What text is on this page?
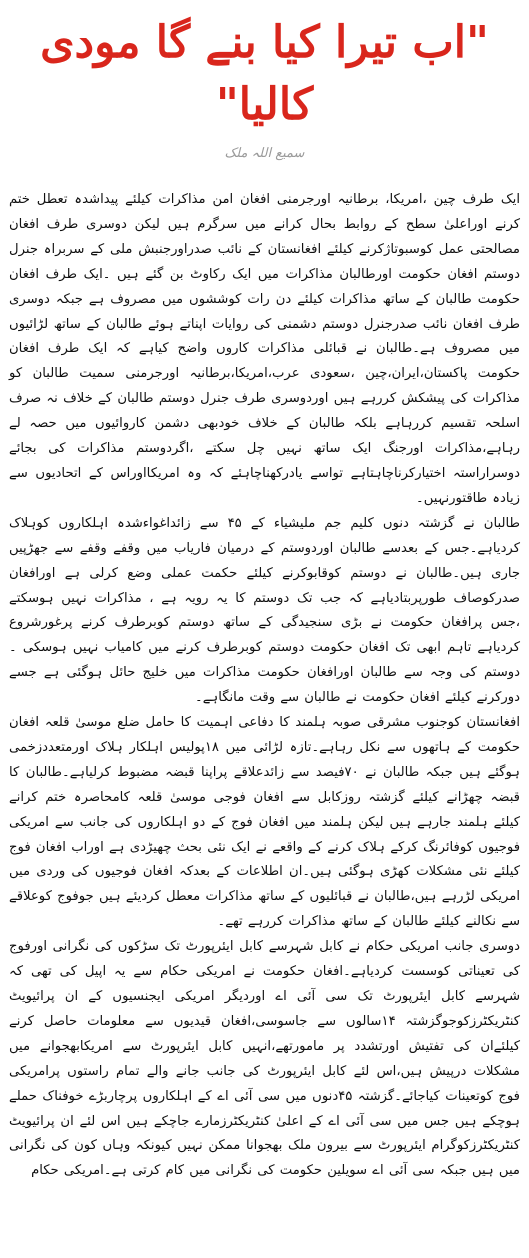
"اب تیرا کیا بنے گا مودی کالیا"
سمیع اللہ ملک

ایک طرف چین ،امریکا، برطانیہ اورجرمنی افغان امن مذاکرات کیلئے پیداشدہ تعطل ختم کرنے اوراعلیٰ سطح کے روابط بحال کرانے میں سرگرم ہیں لیکن دوسری طرف افغان مصالحتی عمل کوسبوتاژکرنے کیلئے افغانستان کے نائب صدراورجنبش ملی کے سربراہ جنرل دوستم افغان حکومت اورطالبان مذاکرات میں ایک رکاوٹ بن گئے ہیں ۔ایک طرف افغان حکومت طالبان کے ساتھ مذاکرات کیلئے دن رات کوششوں میں مصروف ہے جبکہ دوسری طرف افغان نائب صدرجنرل دوستم دشمنی کی روایات اپناتے ہوئے طالبان کے ساتھ لڑائیوں میں مصروف ہے۔طالبان نے قبائلی مذاکرات کاروں واضح کیاہے کہ ایک طرف افغان حکومت پاکستان،ایران،چین ،سعودی عرب،امریکا،برطانیہ اورجرمنی سمیت طالبان کو مذاکرات کی پیشکش کررہے ہیں اوردوسری طرف جنرل دوستم طالبان کے خلاف نہ صرف اسلحہ تقسیم کررہاہے بلکہ طالبان کے خلاف خودبھی دشمن کاروائیوں میں حصہ لے رہاہے،مذاکرات اورجنگ ایک ساتھ نہیں چل سکتے ،اگردوستم مذاکرات کی بجائے دوسراراستہ اختیارکرناچاہتاہے تواسے یادرکھناچاہئے کہ وہ امریکااوراس کے اتحادیوں سے زیادہ طاقتورنہیں۔

طالبان نے گزشتہ دنوں کلیم جم ملیشیاء کے ۴۵ سے زائداغواءشدہ اہلکاروں کوہلاک کردیاہے۔جس کے بعدسے طالبان اوردوستم کے درمیان فاریاب میں وقفے وقفے سے جھڑپیں جاری ہیں۔طالبان نے دوستم کوقابوکرنے کیلئے حکمت عملی وضع کرلی ہے اورافغان صدرکوصاف طورپربتادیاہے کہ جب تک دوستم کا یہ رویہ ہے ، مذاکرات نہیں ہوسکتے ،جس پرافغان حکومت نے بڑی سنجیدگی کے ساتھ دوستم کوبرطرف کرنے پرغورشروع کردیاہے تاہم ابھی تک افغان حکومت دوستم کوبرطرف کرنے میں کامیاب نہیں ہوسکی ۔دوستم کی وجہ سے طالبان اورافغان حکومت مذاکرات میں خلیج حائل ہوگئی ہے جسے دورکرنے کیلئے افغان حکومت نے طالبان سے وقت مانگاہے۔

افغانستان کوجنوب مشرقی صوبہ ہلمند کا دفاعی اہمیت کا حامل ضلع موسیٰ قلعہ افغان حکومت کے ہاتھوں سے نکل رہاہے۔تازہ لڑائی میں ۱۸پولیس اہلکار ہلاک اورمتعددزخمی ہوگئے ہیں جبکہ طالبان نے ۷۰فیصد سے زائدعلاقے پراپنا قبضہ مضبوط کرلیاہے۔طالبان کا قبضہ چھڑانے کیلئے گزشتہ روزکابل سے افغان فوجی موسیٰ قلعہ کامحاصرہ ختم کرانے کیلئے ہلمند جارہے ہیں لیکن ہلمند میں افغان فوج کے دو اہلکاروں کی جانب سے امریکی فوجیوں کوفائرنگ کرکے ہلاک کرنے کے واقعے نے ایک نئی بحث چھیڑدی ہے اوراب افغان فوج کیلئے نئی مشکلات کھڑی ہوگئی ہیں۔ان اطلاعات کے بعدکہ افغان فوجیوں کی وردی میں امریکی لڑرہے ہیں،طالبان نے قبائلیوں کے ساتھ مذاکرات معطل کردیئے ہیں جوفوج کوعلاقے سے نکالنے کیلئے طالبان کے ساتھ مذاکرات کررہے تھے۔

دوسری جانب امریکی حکام نے کابل شہرسے کابل ایئرپورٹ تک سڑکوں کی نگرانی اورفوج کی تعیناتی کوسست کردیاہے۔افغان حکومت نے امریکی حکام سے یہ اپیل کی تھی کہ شہرسے کابل ایئرپورٹ تک سی آئی اے اوردیگر امریکی ایجنسیوں کے ان پرائیویٹ کنٹریکٹرزکوجوگزشتہ ۱۴سالوں سے جاسوسی،افغان قیدیوں سے معلومات حاصل کرنے کیلئےان کی تفتیش اورتشدد پر مامورتھے،انہیں کابل ایئرپورٹ سے امریکابھجوانے میں مشکلات درپیش ہیں،اس لئے کابل ایئرپورٹ کی جانب جانے والے تمام راستوں پرامریکی فوج کوتعینات کیاجائے۔گزشتہ ۴۵دنوں میں سی آئی اے کے اہلکاروں پرچاربڑے خوفناک حملے ہوچکے ہیں جس میں سی آئی اے کے اعلیٰ کنٹریکٹرزمارے جاچکے ہیں اس لئے ان پرائیویٹ کنٹریکٹرزکوگرام ایئرپورٹ سے بیرون ملک بھجوانا ممکن نہیں کیونکہ وہاں کون کی نگرانی میں ہیں جبکہ سی آئی اے سویلین حکومت کی نگرانی میں کام کرتی ہے۔امریکی حکام
